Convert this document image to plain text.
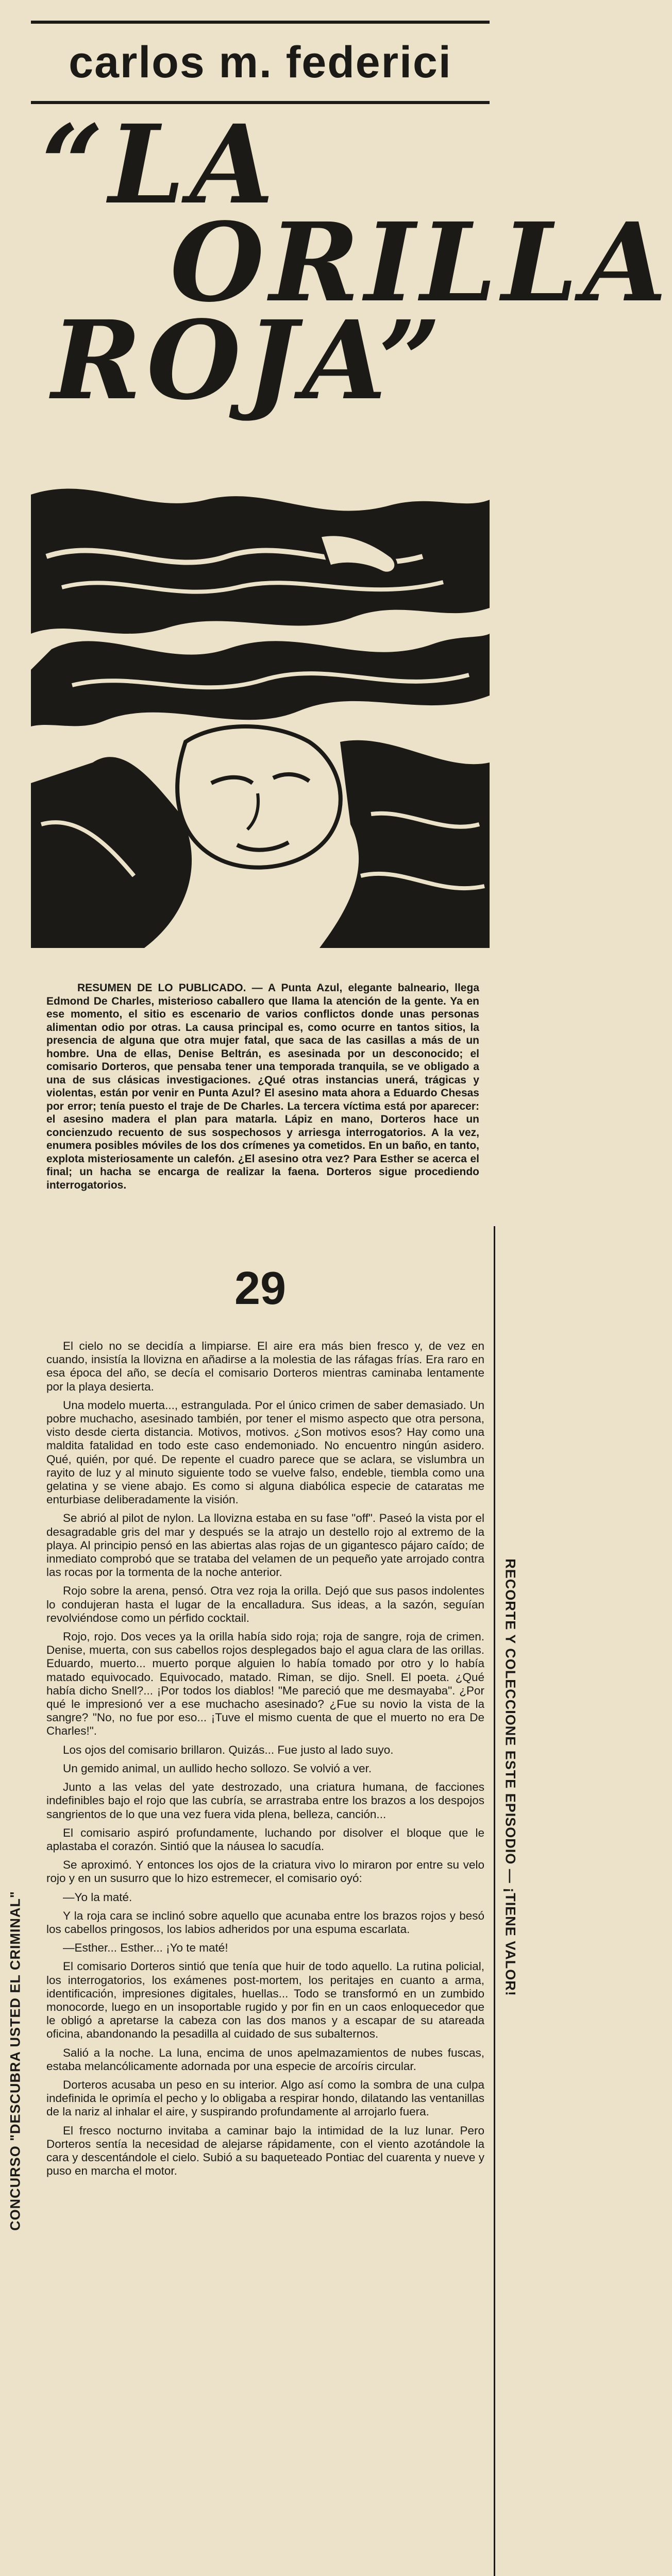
carlos m. federici
“LA
ORILLA
ROJA”

RESUMEN DE LO PUBLICADO. — A Punta Azul, elegante balneario, llega Edmond De Charles, misterioso caballero que llama la atención de la gente. Ya en ese momento, el sitio es escenario de varios conflictos donde unas personas alimentan odio por otras. La causa principal es, como ocurre en tantos sitios, la presencia de alguna que otra mujer fatal, que saca de las casillas a más de un hombre. Una de ellas, Denise Beltrán, es asesinada por un desconocido; el comisario Dorteros, que pensaba tener una temporada tranquila, se ve obligado a una de sus clásicas investigaciones. ¿Qué otras instancias unerá, trágicas y violentas, están por venir en Punta Azul? El asesino mata ahora a Eduardo Chesas por error; tenía puesto el traje de De Charles. La tercera víctima está por aparecer: el asesino madera el plan para matarla. Lápiz en mano, Dorteros hace un concienzudo recuento de sus sospechosos y arriesga interrogatorios. A la vez, enumera posibles móviles de los dos crímenes ya cometidos. En un baño, en tanto, explota misteriosamente un calefón. ¿El asesino otra vez? Para Esther se acerca el final; un hacha se encarga de realizar la faena. Dorteros sigue procediendo interrogatorios.

29

El cielo no se decidía a limpiarse. El aire era más bien fresco y, de vez en cuando, insistía la llovizna en añadirse a la molestia de las ráfagas frías. Era raro en esa época del año, se decía el comisario Dorteros mientras caminaba lentamente por la playa desierta.

Una modelo muerta..., estrangulada. Por el único crimen de saber demasiado. Un pobre muchacho, asesinado también, por tener el mismo aspecto que otra persona, visto desde cierta distancia. Motivos, motivos. ¿Son motivos esos? Hay como una maldita fatalidad en todo este caso endemoniado. No encuentro ningún asidero. Qué, quién, por qué. De repente el cuadro parece que se aclara, se vislumbra un rayito de luz y al minuto siguiente todo se vuelve falso, endeble, tiembla como una gelatina y se viene abajo. Es como si alguna diabólica especie de cataratas me enturbiasе deliberadamente la visión.

Se abrió al pilot de nylon. La llovizna estaba en su fase "off". Paseó la vista por el desagradable gris del mar y después se la atrajo un destello rojo al extremo de la playa. Al principio pensó en las abiertas alas rojas de un gigantesco pájaro caído; de inmediato comprobó que se trataba del velamen de un pequeño yate arrojado contra las rocas por la tormenta de la noche anterior.

Rojo sobre la arena, pensó. Otra vez roja la orilla. Dejó que sus pasos indolentes lo condujeran hasta el lugar de la encalladura. Sus ideas, a la sazón, seguían revolviéndose como un pérfido cocktail.

Rojo, rojo. Dos veces ya la orilla había sido roja; roja de sangre, roja de crimen. Denise, muerta, con sus cabellos rojos desplegados bajo el agua clara de las orillas. Eduardo, muerto... muerto porque alguien lo había tomado por otro y lo había matado equivocado. Equivocado, matado. Riman, se dijo. Snell. El poeta. ¿Qué había dicho Snell?... ¡Por todos los diablos! "Me pareció que me desmayaba". ¿Por qué le impresionó ver a ese muchacho asesinado? ¿Fue su novio la vista de la sangre? "No, no fue por eso... ¡Tuve el mismo cuenta de que el muerto no era De Charles!".

Los ojos del comisario brillaron. Quizás... Fue justo al lado suyo.

Un gemido animal, un aullido hecho sollozo. Se volvió a ver.

Junto a las velas del yate destrozado, una criatura humana, de facciones indefinibles bajo el rojo que las cubría, se arrastraba entre los brazos a los despojos sangrientos de lo que una vez fuera vida plena, belleza, canción...

El comisario aspiró profundamente, luchando por disolver el bloque que le aplastaba el corazón. Sintió que la náusea lo sacudía.

Se aproximó. Y entonces los ojos de la criatura vivo lo miraron por entre su velo rojo y en un susurro que lo hizo estremecer, el comisario oyó:

—Yo la maté.

Y la roja cara se inclinó sobre aquello que acunaba entre los brazos rojos y besó los cabellos pringosos, los labios adheridos por una espuma escarlata.

—Esther... Esther... ¡Yo te maté!

El comisario Dorteros sintió que tenía que huir de todo aquello. La rutina policial, los interrogatorios, los exámenes post-mortem, los peritajes en cuanto a arma, identificación, impresiones digitales, huellas... Todo se transformó en un zumbido monocorde, luego en un insoportable rugido y por fin en un caos enloquecedor que le obligó a apretarse la cabeza con las dos manos y a escapar de su atareada oficina, abandonando la pesadilla al cuidado de sus subalternos.

Salió a la noche. La luna, encima de unos apelmazamientos de nubes fuscas, estaba melancólicamente adornada por una especie de arcoíris circular.

Dorteros acusaba un peso en su interior. Algo así como la sombra de una culpa indefinida le oprimía el pecho y lo obligaba a respirar hondo, dilatando las ventanillas de la nariz al inhalar el aire, y suspirando profundamente al arrojarlo fuera.

El fresco nocturno invitaba a caminar bajo la intimidad de la luz lunar. Pero Dorteros sentía la necesidad de alejarse rápidamente, con el viento azotándole la cara y descentándole el cielo. Subió a su baqueteado Pontiac del cuarenta y nueve y puso en marcha el motor.

CONCURSO "DESCUBRA USTED EL CRIMINAL"
RECORTE Y COLECCIONE ESTE EPISODIO — ¡TIENE VALOR!
